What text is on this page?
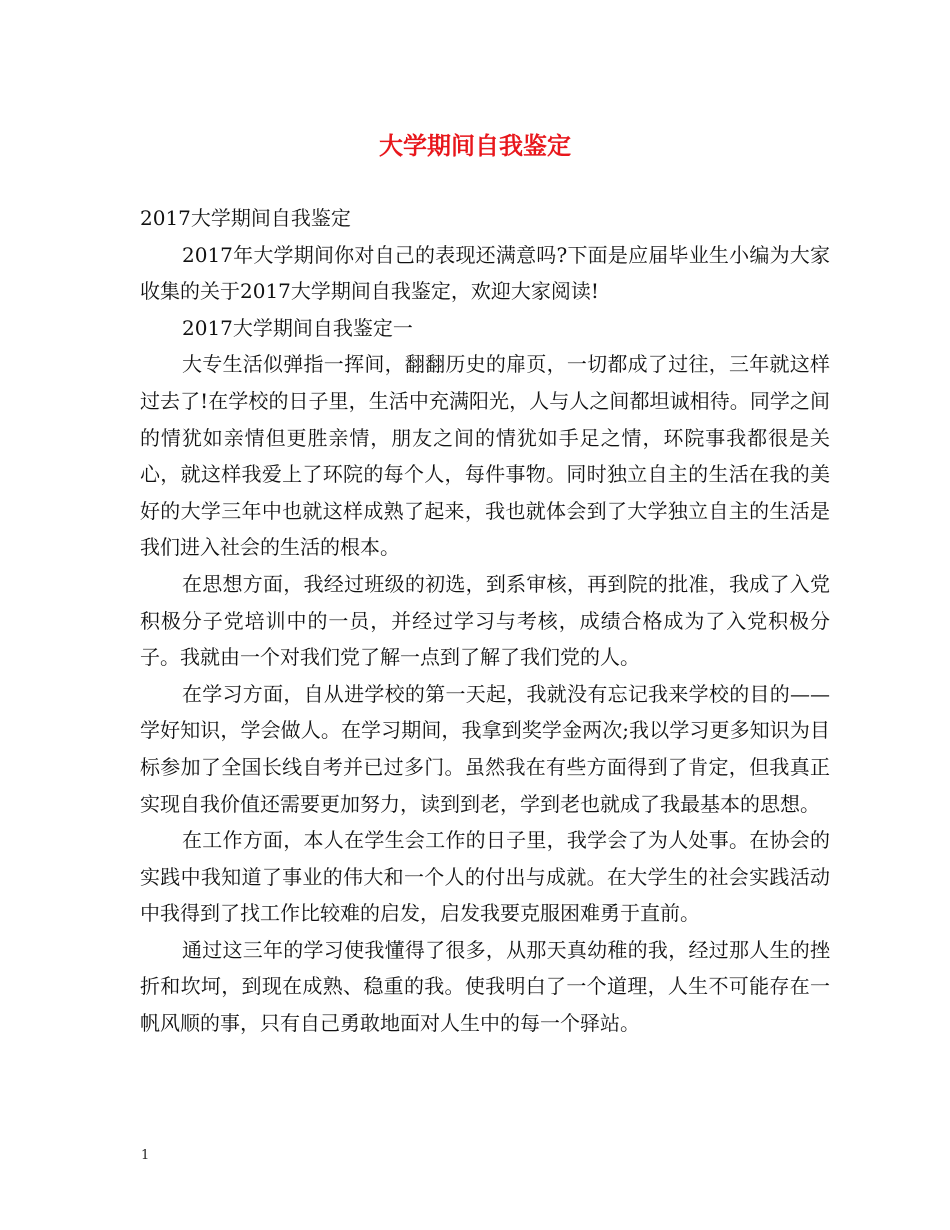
大学期间自我鉴定

2017大学期间自我鉴定

2017年大学期间你对自己的表现还满意吗?下面是应届毕业生小编为大家收集的关于2017大学期间自我鉴定，欢迎大家阅读!

2017大学期间自我鉴定一

大专生活似弹指一挥间，翻翻历史的扉页，一切都成了过往，三年就这样过去了!在学校的日子里，生活中充满阳光，人与人之间都坦诚相待。同学之间的情犹如亲情但更胜亲情，朋友之间的情犹如手足之情，环院事我都很是关心，就这样我爱上了环院的每个人，每件事物。同时独立自主的生活在我的美好的大学三年中也就这样成熟了起来，我也就体会到了大学独立自主的生活是我们进入社会的生活的根本。

在思想方面，我经过班级的初选，到系审核，再到院的批准，我成了入党积极分子党培训中的一员，并经过学习与考核，成绩合格成为了入党积极分子。我就由一个对我们党了解一点到了解了我们党的人。

在学习方面，自从进学校的第一天起，我就没有忘记我来学校的目的——学好知识，学会做人。在学习期间，我拿到奖学金两次;我以学习更多知识为目标参加了全国长线自考并已过多门。虽然我在有些方面得到了肯定，但我真正实现自我价值还需要更加努力，读到到老，学到老也就成了我最基本的思想。

在工作方面，本人在学生会工作的日子里，我学会了为人处事。在协会的实践中我知道了事业的伟大和一个人的付出与成就。在大学生的社会实践活动中我得到了找工作比较难的启发，启发我要克服困难勇于直前。

通过这三年的学习使我懂得了很多，从那天真幼稚的我，经过那人生的挫折和坎坷，到现在成熟、稳重的我。使我明白了一个道理，人生不可能存在一帆风顺的事，只有自己勇敢地面对人生中的每一个驿站。

1
